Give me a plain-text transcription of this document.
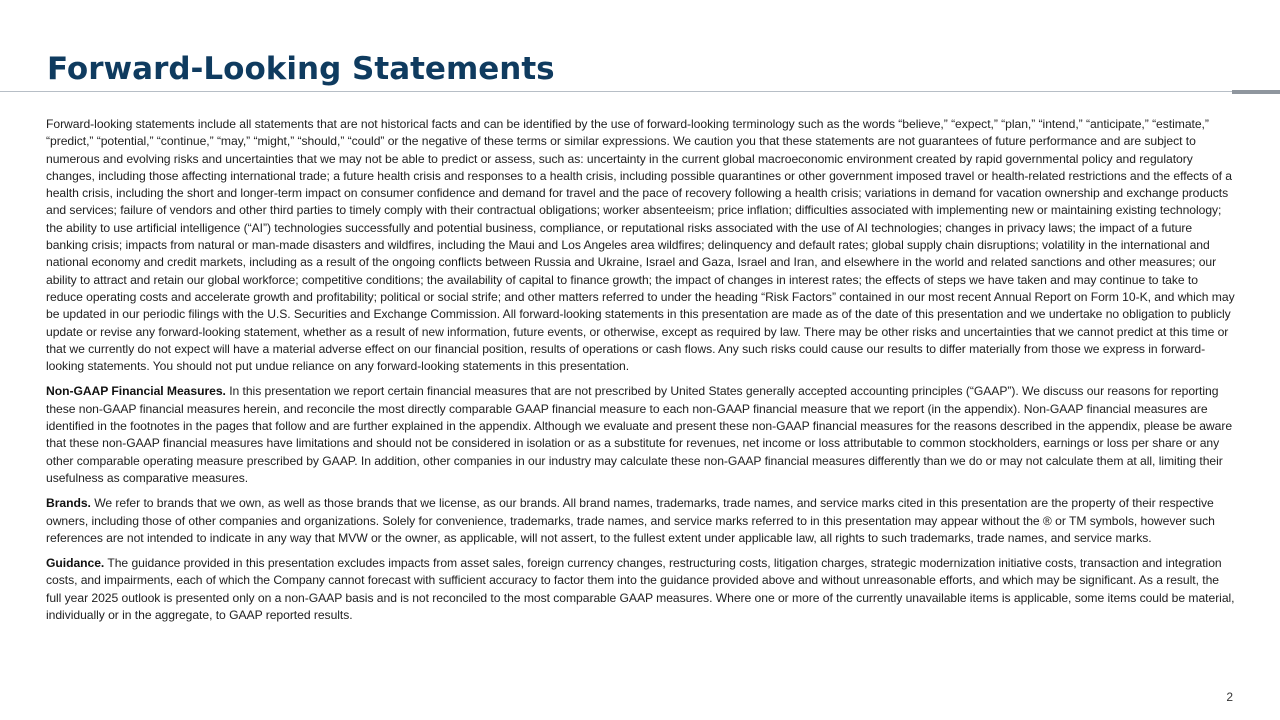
Forward-Looking Statements

Forward-looking statements include all statements that are not historical facts and can be identified by the use of forward-looking terminology such as the words “believe,” “expect,” “plan,” “intend,” “anticipate,” “estimate,” “predict,” “potential,” “continue,” “may,” “might,” “should,” “could” or the negative of these terms or similar expressions. We caution you that these statements are not guarantees of future performance and are subject to numerous and evolving risks and uncertainties that we may not be able to predict or assess, such as: uncertainty in the current global macroeconomic environment created by rapid governmental policy and regulatory changes, including those affecting international trade; a future health crisis and responses to a health crisis, including possible quarantines or other government imposed travel or health-related restrictions and the effects of a health crisis, including the short and longer-term impact on consumer confidence and demand for travel and the pace of recovery following a health crisis; variations in demand for vacation ownership and exchange products and services; failure of vendors and other third parties to timely comply with their contractual obligations; worker absenteeism; price inflation; difficulties associated with implementing new or maintaining existing technology; the ability to use artificial intelligence (“AI”) technologies successfully and potential business, compliance, or reputational risks associated with the use of AI technologies; changes in privacy laws; the impact of a future banking crisis; impacts from natural or man-made disasters and wildfires, including the Maui and Los Angeles area wildfires; delinquency and default rates; global supply chain disruptions; volatility in the international and national economy and credit markets, including as a result of the ongoing conflicts between Russia and Ukraine, Israel and Gaza, Israel and Iran, and elsewhere in the world and related sanctions and other measures; our ability to attract and retain our global workforce; competitive conditions; the availability of capital to finance growth; the impact of changes in interest rates; the effects of steps we have taken and may continue to take to reduce operating costs and accelerate growth and profitability; political or social strife; and other matters referred to under the heading “Risk Factors” contained in our most recent Annual Report on Form 10-K, and which may be updated in our periodic filings with the U.S. Securities and Exchange Commission. All forward-looking statements in this presentation are made as of the date of this presentation and we undertake no obligation to publicly update or revise any forward-looking statement, whether as a result of new information, future events, or otherwise, except as required by law. There may be other risks and uncertainties that we cannot predict at this time or that we currently do not expect will have a material adverse effect on our financial position, results of operations or cash flows. Any such risks could cause our results to differ materially from those we express in forward-looking statements. You should not put undue reliance on any forward-looking statements in this presentation.

Non-GAAP Financial Measures. In this presentation we report certain financial measures that are not prescribed by United States generally accepted accounting principles (“GAAP”). We discuss our reasons for reporting these non-GAAP financial measures herein, and reconcile the most directly comparable GAAP financial measure to each non-GAAP financial measure that we report (in the appendix). Non-GAAP financial measures are identified in the footnotes in the pages that follow and are further explained in the appendix. Although we evaluate and present these non-GAAP financial measures for the reasons described in the appendix, please be aware that these non-GAAP financial measures have limitations and should not be considered in isolation or as a substitute for revenues, net income or loss attributable to common stockholders, earnings or loss per share or any other comparable operating measure prescribed by GAAP. In addition, other companies in our industry may calculate these non-GAAP financial measures differently than we do or may not calculate them at all, limiting their usefulness as comparative measures.

Brands. We refer to brands that we own, as well as those brands that we license, as our brands. All brand names, trademarks, trade names, and service marks cited in this presentation are the property of their respective owners, including those of other companies and organizations. Solely for convenience, trademarks, trade names, and service marks referred to in this presentation may appear without the ® or TM symbols, however such references are not intended to indicate in any way that MVW or the owner, as applicable, will not assert, to the fullest extent under applicable law, all rights to such trademarks, trade names, and service marks.

Guidance. The guidance provided in this presentation excludes impacts from asset sales, foreign currency changes, restructuring costs, litigation charges, strategic modernization initiative costs, transaction and integration costs, and impairments, each of which the Company cannot forecast with sufficient accuracy to factor them into the guidance provided above and without unreasonable efforts, and which may be significant. As a result, the full year 2025 outlook is presented only on a non-GAAP basis and is not reconciled to the most comparable GAAP measures. Where one or more of the currently unavailable items is applicable, some items could be material, individually or in the aggregate, to GAAP reported results.

2
